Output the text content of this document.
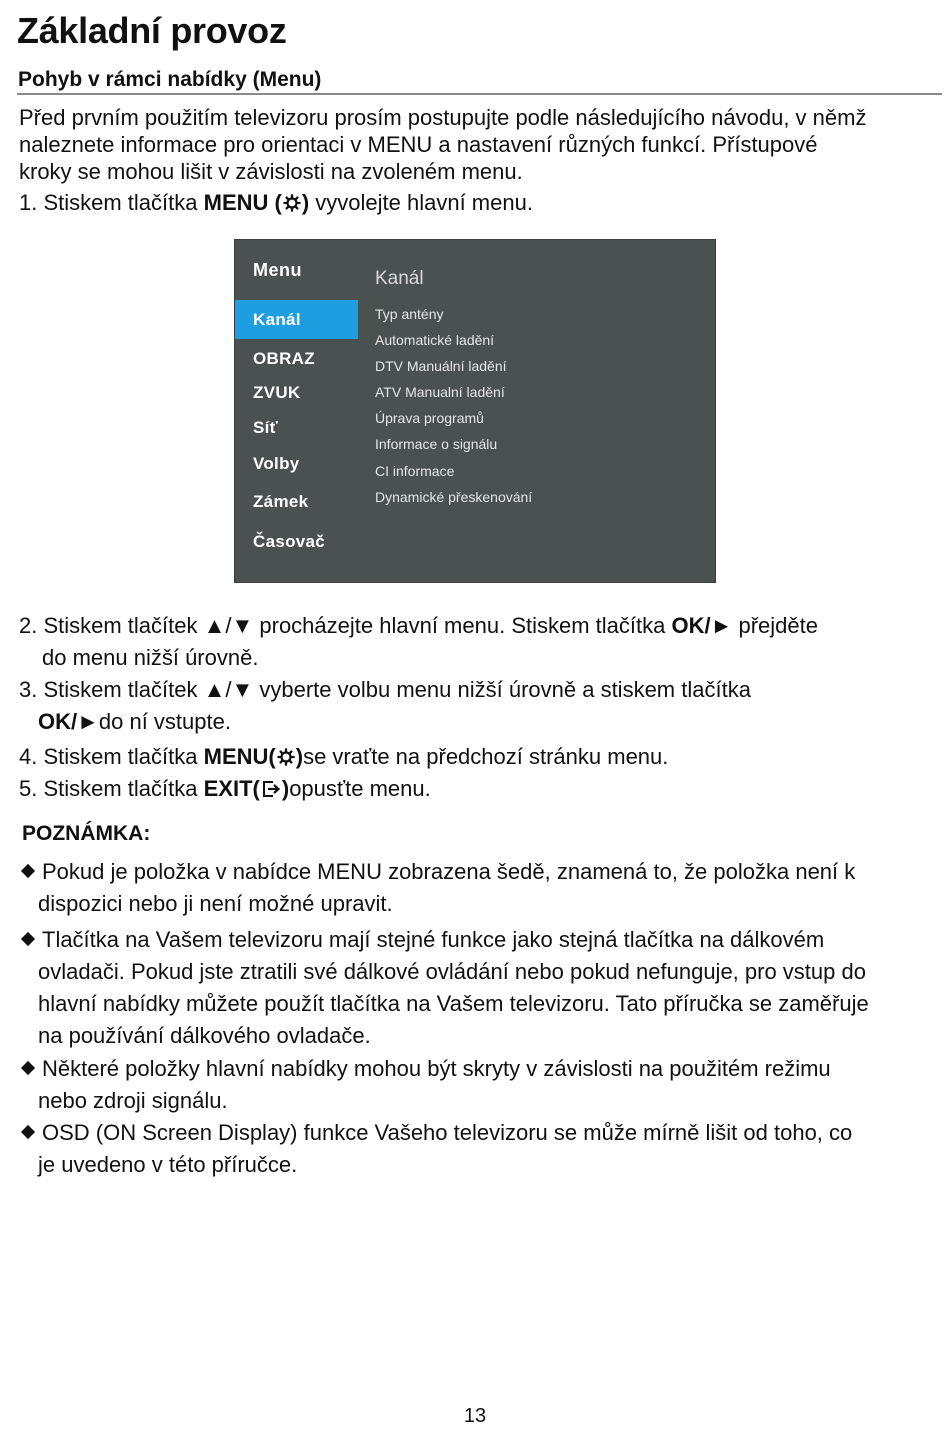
Základní provoz
Pohyb v rámci nabídky (Menu)
Před prvním použitím televizoru prosím postupujte podle následujícího návodu, v němž
naleznete informace pro orientaci v MENU a nastavení různých funkcí. Přístupové
kroky se mohou lišit v závislosti na zvoleném menu.
1. Stiskem tlačítka MENU ( ) vyvolejte hlavní menu.
Menu
Kanál
OBRAZ
ZVUK
Síť
Volby
Zámek
Časovač
Kanál
Typ antény
Automatické ladění
DTV Manuální ladění
ATV Manualní ladění
Úprava programů
Informace o signálu
CI informace
Dynamické přeskenování
2. Stiskem tlačítek ▲/▼ procházejte hlavní menu. Stiskem tlačítka OK/► přejděte
do menu nižší úrovně.
3. Stiskem tlačítek ▲/▼ vyberte volbu menu nižší úrovně a stiskem tlačítka
OK/►do ní vstupte.
4. Stiskem tlačítka MENU( )se vraťte na předchozí stránku menu.
5. Stiskem tlačítka EXIT( )opusťte menu.
POZNÁMKA:
Pokud je položka v nabídce MENU zobrazena šedě, znamená to, že položka není k
dispozici nebo ji není možné upravit.
Tlačítka na Vašem televizoru mají stejné funkce jako stejná tlačítka na dálkovém
ovladači. Pokud jste ztratili své dálkové ovládání nebo pokud nefunguje, pro vstup do
hlavní nabídky můžete použít tlačítka na Vašem televizoru. Tato příručka se zaměřuje
na používání dálkového ovladače.
Některé položky hlavní nabídky mohou být skryty v závislosti na použitém režimu
nebo zdroji signálu.
OSD (ON Screen Display) funkce Vašeho televizoru se může mírně lišit od toho, co
je uvedeno v této příručce.
13
